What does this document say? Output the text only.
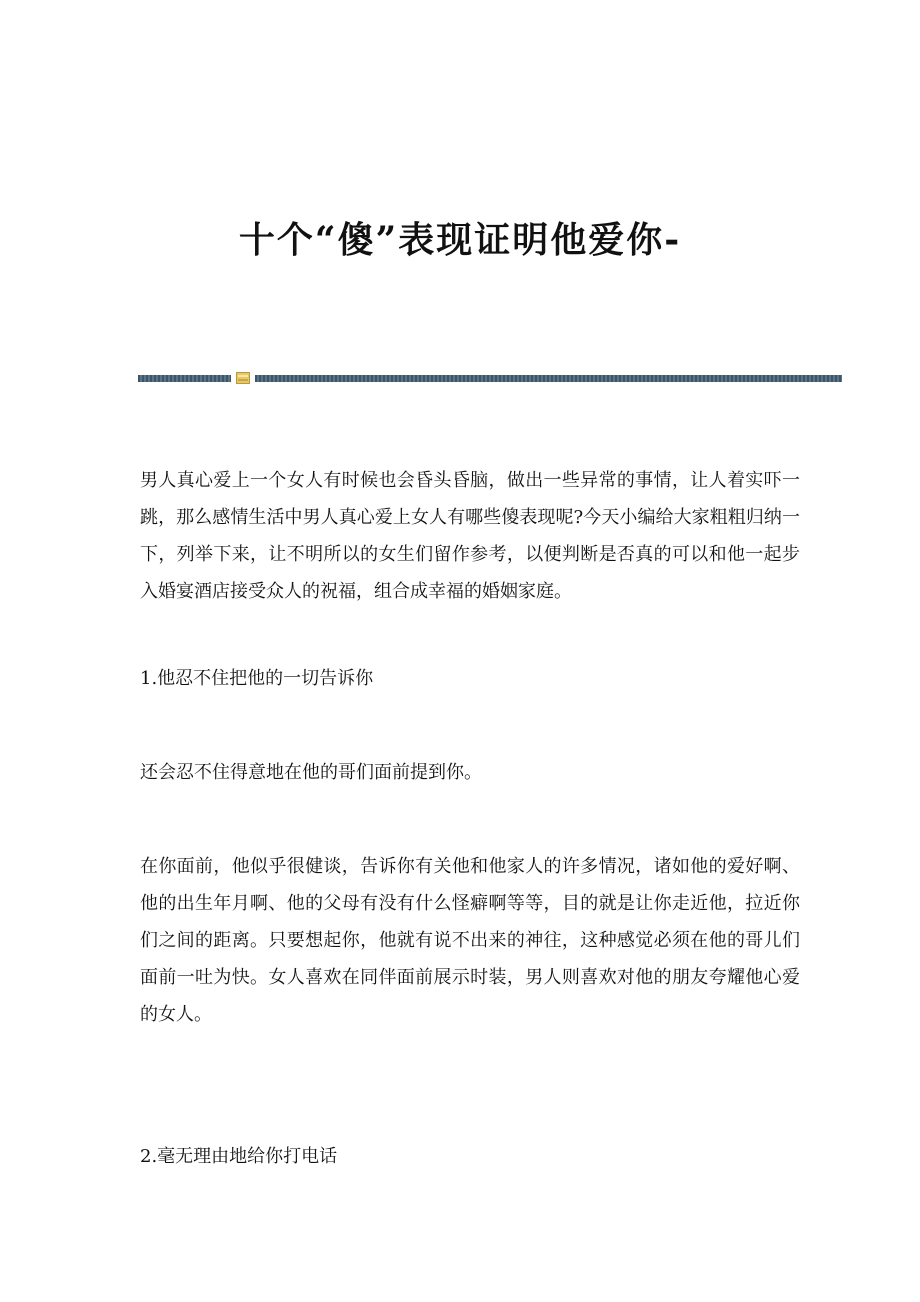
十个“傻”表现证明他爱你-

男人真心爱上一个女人有时候也会昏头昏脑，做出一些异常的事情，让人着实吓一跳，那么感情生活中男人真心爱上女人有哪些傻表现呢?今天小编给大家粗粗归纳一下，列举下来，让不明所以的女生们留作参考，以便判断是否真的可以和他一起步入婚宴酒店接受众人的祝福，组合成幸福的婚姻家庭。

1.他忍不住把他的一切告诉你

还会忍不住得意地在他的哥们面前提到你。

在你面前，他似乎很健谈，告诉你有关他和他家人的许多情况，诸如他的爱好啊、他的出生年月啊、他的父母有没有什么怪癖啊等等，目的就是让你走近他，拉近你们之间的距离。只要想起你，他就有说不出来的神往，这种感觉必须在他的哥儿们面前一吐为快。女人喜欢在同伴面前展示时装，男人则喜欢对他的朋友夸耀他心爱的女人。

2.毫无理由地给你打电话
